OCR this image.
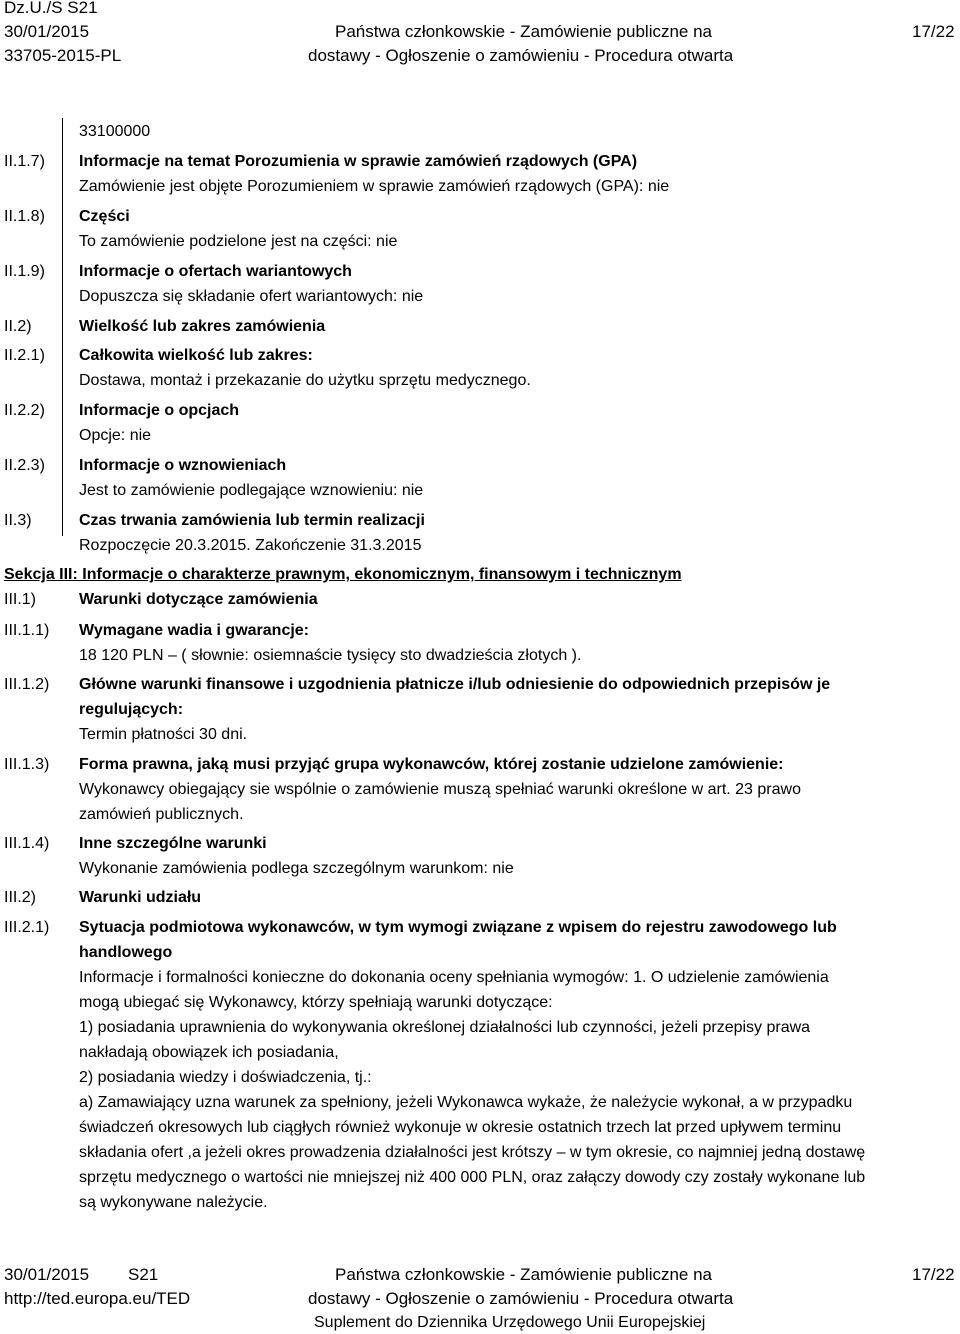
Dz.U./S S21
30/01/2015
33705-2015-PL
Państwa członkowskie - Zamówienie publiczne na
dostawy - Ogłoszenie o zamówieniu - Procedura otwarta
17/22
II.1.7)
II.1.8)
II.1.9)
II.2)
II.2.1)
II.2.2)
II.2.3)
II.3)
33100000
Informacje na temat Porozumienia w sprawie zamówień rządowych (GPA)
Zamówienie jest objęte Porozumieniem w sprawie zamówień rządowych (GPA): nie
Części
To zamówienie podzielone jest na części: nie
Informacje o ofertach wariantowych
Dopuszcza się składanie ofert wariantowych: nie
Wielkość lub zakres zamówienia
Całkowita wielkość lub zakres:
Dostawa, montaż i przekazanie do użytku sprzętu medycznego.
Informacje o opcjach
Opcje: nie
Informacje o wznowieniach
Jest to zamówienie podlegające wznowieniu: nie
Czas trwania zamówienia lub termin realizacji
Rozpoczęcie 20.3.2015. Zakończenie 31.3.2015
Sekcja III: Informacje o charakterze prawnym, ekonomicznym, finansowym i technicznym
III.1)	Warunki dotyczące zamówienia
III.1.1) Wymagane wadia i gwarancje:
18 120 PLN – ( słownie: osiemnaście tysięcy sto dwadzieścia złotych ).
III.1.2) Główne warunki finansowe i uzgodnienia płatnicze i/lub odniesienie do odpowiednich przepisów je
regulujących:
Termin płatności 30 dni.
III.1.3) Forma prawna, jaką musi przyjąć grupa wykonawców, której zostanie udzielone zamówienie:
Wykonawcy obiegający sie wspólnie o zamówienie muszą spełniać warunki określone w art. 23 prawo
zamówień publicznych.
III.1.4) Inne szczególne warunki
Wykonanie zamówienia podlega szczególnym warunkom: nie
III.2)	Warunki udziału
III.2.1) Sytuacja podmiotowa wykonawców, w tym wymogi związane z wpisem do rejestru zawodowego lub
handlowego
Informacje i formalności konieczne do dokonania oceny spełniania wymogów: 1. O udzielenie zamówienia
mogą ubiegać się Wykonawcy, którzy spełniają warunki dotyczące:
1) posiadania uprawnienia do wykonywania określonej działalności lub czynności, jeżeli przepisy prawa
nakładają obowiązek ich posiadania,
2) posiadania wiedzy i doświadczenia, tj.:
a) Zamawiający uzna warunek za spełniony, jeżeli Wykonawca wykaże, że należycie wykonał, a w przypadku
świadczeń okresowych lub ciągłych również wykonuje w okresie ostatnich trzech lat przed upływem terminu
składania ofert ,a jeżeli okres prowadzenia działalności jest krótszy – w tym okresie, co najmniej jedną dostawę
sprzętu medycznego o wartości nie mniejszej niż 400 000 PLN, oraz załączy dowody czy zostały wykonane lub
są wykonywane należycie.
30/01/2015 S21
http://ted.europa.eu/TED
Państwa członkowskie - Zamówienie publiczne na
dostawy - Ogłoszenie o zamówieniu - Procedura otwarta
Suplement do Dziennika Urzędowego Unii Europejskiej
17/22
